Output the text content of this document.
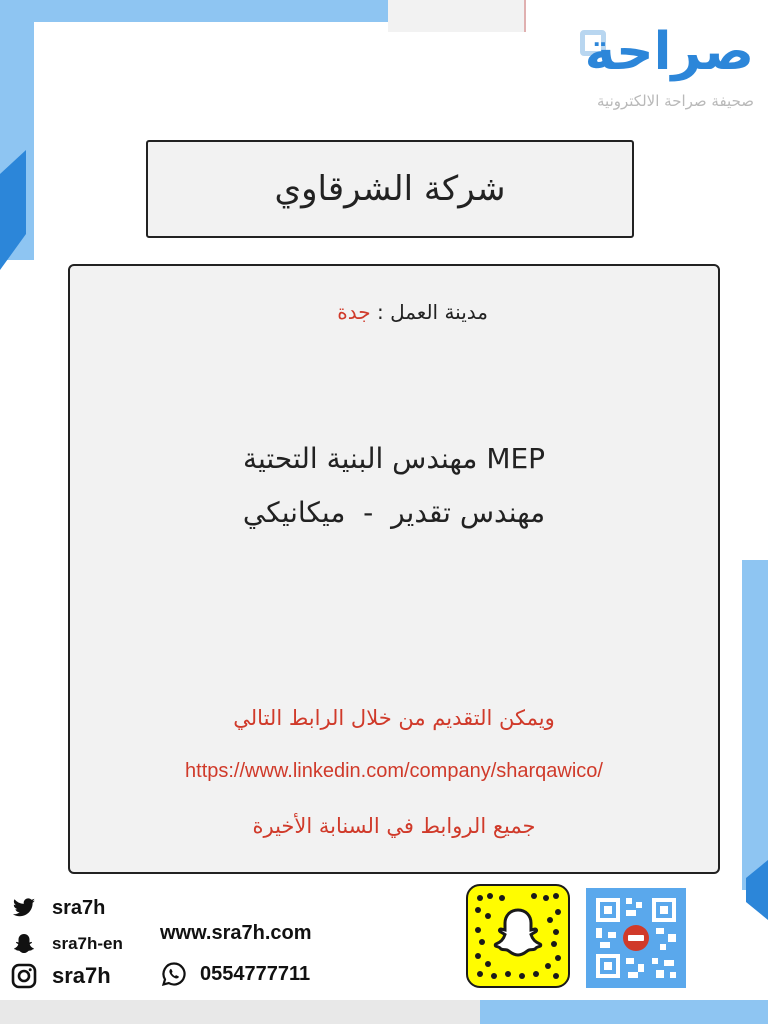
صراحة
صحيفة صراحة الالكترونية
شركة الشرقاوي
مدينة العمل : جدة
MEP مهندس البنية التحتية
مهندس تقدير  -  ميكانيكي
ويمكن التقديم من خلال الرابط التالي
https://www.linkedin.com/company/sharqawico/
جميع الروابط في السنابة الأخيرة
sra7h
sra7h-en
sra7h
www.sra7h.com
0554777711
